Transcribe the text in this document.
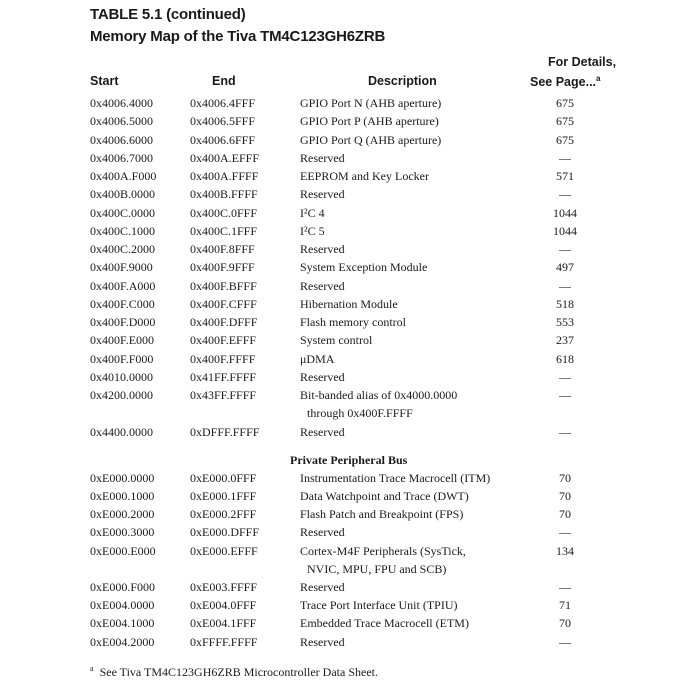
TABLE 5.1 (continued)
Memory Map of the Tiva TM4C123GH6ZRB
Start	End	Description
For Details,
See Page...$^a$
0x4006.4000	0x4006.4FFF	GPIO Port N (AHB aperture)	675
0x4006.5000	0x4006.5FFF	GPIO Port P (AHB aperture)	675
0x4006.6000	0x4006.6FFF	GPIO Port Q (AHB aperture)	675
0x4006.7000	0x400A.EFFF	Reserved	—
0x400A.F000	0x400A.FFFF	EEPROM and Key Locker	571
0x400B.0000	0x400B.FFFF	Reserved	—
0x400C.0000	0x400C.0FFF	I²C 4	1044
0x400C.1000	0x400C.1FFF	I²C 5	1044
0x400C.2000	0x400F.8FFF	Reserved	—
0x400F.9000	0x400F.9FFF	System Exception Module	497
0x400F.A000	0x400F.BFFF	Reserved	—
0x400F.C000	0x400F.CFFF	Hibernation Module	518
0x400F.D000	0x400F.DFFF	Flash memory control	553
0x400F.E000	0x400F.EFFF	System control	237
0x400F.F000	0x400F.FFFF	μDMA	618
0x4010.0000	0x41FF.FFFF	Reserved	—
0x4200.0000	0x43FF.FFFF	Bit-banded alias of 0x4000.0000	—
through 0x400F.FFFF
0x4400.0000	0xDFFF.FFFF	Reserved	—
Private Peripheral Bus
0xE000.0000	0xE000.0FFF	Instrumentation Trace Macrocell (ITM)	70
0xE000.1000	0xE000.1FFF	Data Watchpoint and Trace (DWT)	70
0xE000.2000	0xE000.2FFF	Flash Patch and Breakpoint (FPS)	70
0xE000.3000	0xE000.DFFF	Reserved	—
0xE000.E000	0xE000.EFFF	Cortex-M4F Peripherals (SysTick,	134
NVIC, MPU, FPU and SCB)
0xE000.F000	0xE003.FFFF	Reserved	—
0xE004.0000	0xE004.0FFF	Trace Port Interface Unit (TPIU)	71
0xE004.1000	0xE004.1FFF	Embedded Trace Macrocell (ETM)	70
0xE004.2000	0xFFFF.FFFF	Reserved	—
$^a$ See Tiva TM4C123GH6ZRB Microcontroller Data Sheet.
